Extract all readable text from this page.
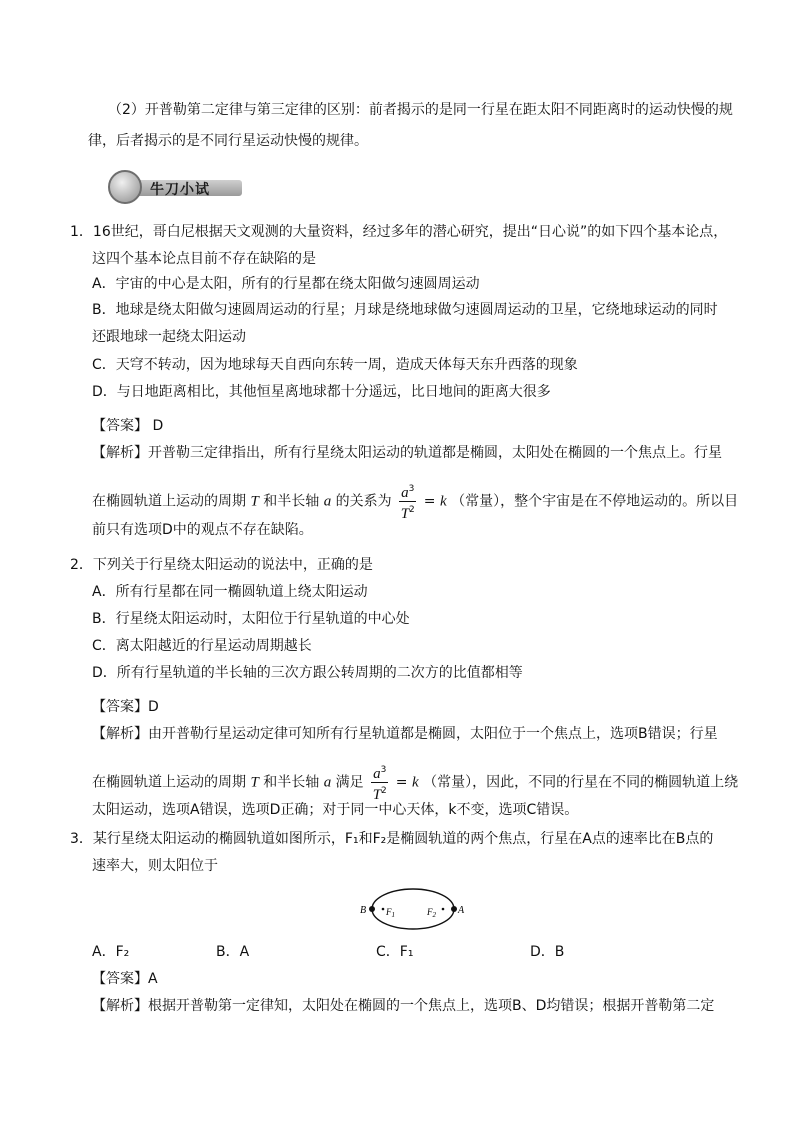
（2）开普勒第二定律与第三定律的区别：前者揭示的是同一行星在距太阳不同距离时的运动快慢的规
律，后者揭示的是不同行星运动快慢的规律。
牛刀小试
1．16世纪，哥白尼根据天文观测的大量资料，经过多年的潜心研究，提出“日心说”的如下四个基本论点，
这四个基本论点目前不存在缺陷的是
A．宇宙的中心是太阳，所有的行星都在绕太阳做匀速圆周运动
B．地球是绕太阳做匀速圆周运动的行星；月球是绕地球做匀速圆周运动的卫星，它绕地球运动的同时
还跟地球一起绕太阳运动
C．天穹不转动，因为地球每天自西向东转一周，造成天体每天东升西落的现象
D．与日地距离相比，其他恒星离地球都十分遥远，比日地间的距离大很多
【答案】 D
【解析】开普勒三定律指出，所有行星绕太阳运动的轨道都是椭圆，太阳处在椭圆的一个焦点上。行星
在椭圆轨道上运动的周期 T 和半长轴 a 的关系为 $\frac{a^3}{T^2} = k$ （常量），整个宇宙是在不停地运动的。所以目
前只有选项D中的观点不存在缺陷。
2．下列关于行星绕太阳运动的说法中，正确的是
A．所有行星都在同一椭圆轨道上绕太阳运动
B．行星绕太阳运动时，太阳位于行星轨道的中心处
C．离太阳越近的行星运动周期越长
D．所有行星轨道的半长轴的三次方跟公转周期的二次方的比值都相等
【答案】D
【解析】由开普勒行星运动定律可知所有行星轨道都是椭圆，太阳位于一个焦点上，选项B错误；行星
在椭圆轨道上运动的周期 T 和半长轴 a 满足 $\frac{a^3}{T^2} = k$ （常量），因此，不同的行星在不同的椭圆轨道上绕
太阳运动，选项A错误，选项D正确；对于同一中心天体，k不变，选项C错误。
3．某行星绕太阳运动的椭圆轨道如图所示，F₁和F₂是椭圆轨道的两个焦点，行星在A点的速率比在B点的
速率大，则太阳位于
B $F_1$	$F_2$ A
A．F₂	B．A	C．F₁	D．B
【答案】A
【解析】根据开普勒第一定律知，太阳处在椭圆的一个焦点上，选项B、D均错误；根据开普勒第二定
